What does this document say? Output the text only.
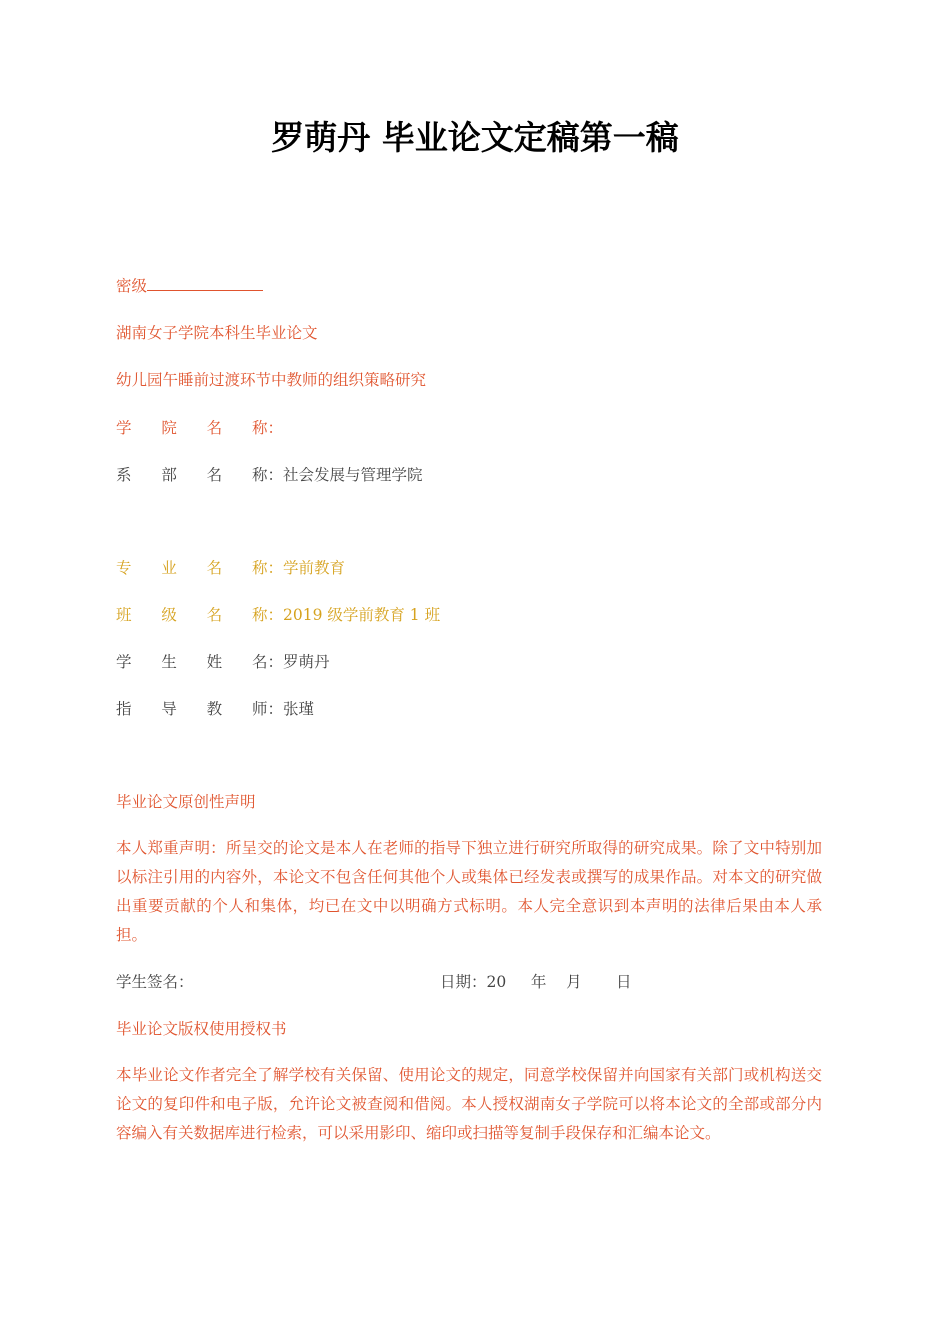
罗萌丹 毕业论文定稿第一稿
密级
湖南女子学院本科生毕业论文
幼儿园午睡前过渡环节中教师的组织策略研究
学 院 名 称：
系 部 名 称： 社会发展与管理学院
专 业 名 称： 学前教育
班 级 名 称： 2019 级学前教育 1 班
学 生 姓 名： 罗萌丹
指 导 教 师： 张瑾
毕业论文原创性声明
本人郑重声明：所呈交的论文是本人在老师的指导下独立进行研究所取得的研究成果。除了文中特别加以标注引用的内容外，本论文不包含任何其他个人或集体已经发表或撰写的成果作品。对本文的研究做出重要贡献的个人和集体，均已在文中以明确方式标明。本人完全意识到本声明的法律后果由本人承担。
学生签名：	日期：20     年    月       日
毕业论文版权使用授权书
本毕业论文作者完全了解学校有关保留、使用论文的规定，同意学校保留并向国家有关部门或机构送交论文的复印件和电子版，允许论文被查阅和借阅。本人授权湖南女子学院可以将本论文的全部或部分内容编入有关数据库进行检索，可以采用影印、缩印或扫描等复制手段保存和汇编本论文。
